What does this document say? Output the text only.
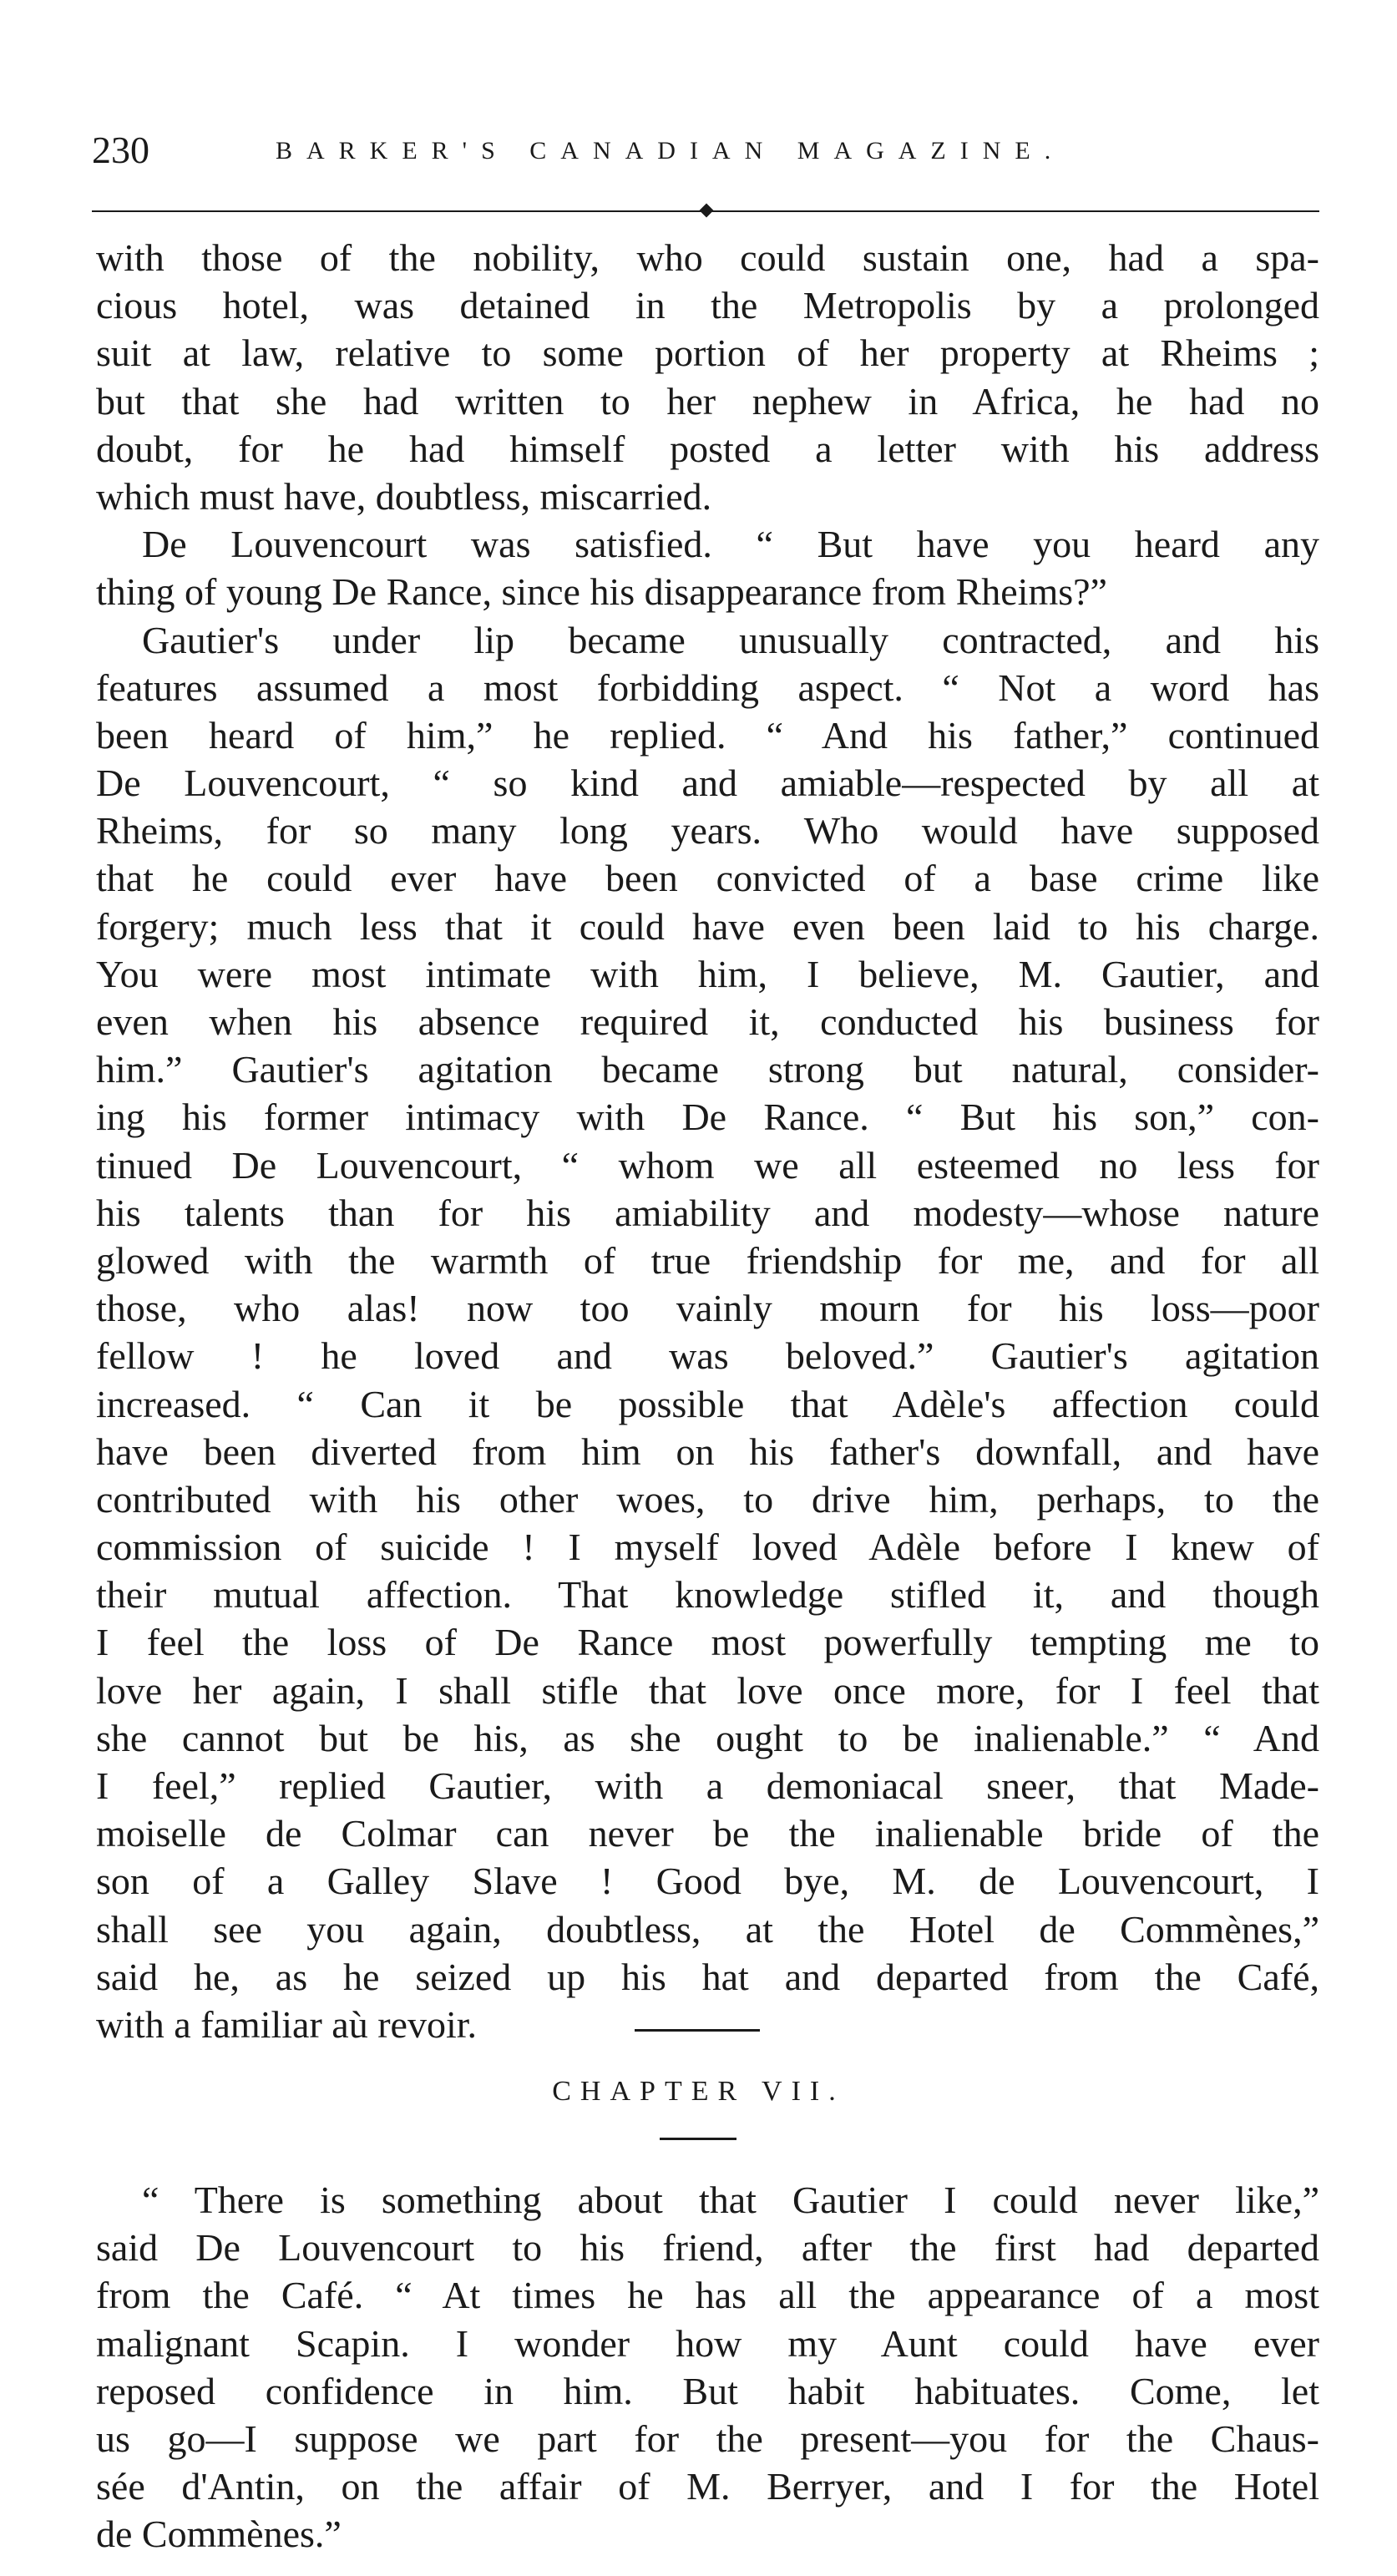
230	BARKER'S CANADIAN MAGAZINE.
with those of the nobility, who could sustain one, had a spa-
cious hotel, was detained in the Metropolis by a prolonged
suit at law, relative to some portion of her property at Rheims ;
but that she had written to her nephew in Africa, he had no
doubt, for he had himself posted a letter with his address
which must have, doubtless, miscarried.
De Louvencourt was satisfied. “ But have you heard any
thing of young De Rance, since his disappearance from Rheims?”
Gautier's under lip became unusually contracted, and his
features assumed a most forbidding aspect. “ Not a word has
been heard of him,” he replied. “ And his father,” continued
De Louvencourt, “ so kind and amiable—respected by all at
Rheims, for so many long years. Who would have supposed
that he could ever have been convicted of a base crime like
forgery; much less that it could have even been laid to his charge.
You were most intimate with him, I believe, M. Gautier, and
even when his absence required it, conducted his business for
him.” Gautier's agitation became strong but natural, consider-
ing his former intimacy with De Rance. “ But his son,” con-
tinued De Louvencourt, “ whom we all esteemed no less for
his talents than for his amiability and modesty—whose nature
glowed with the warmth of true friendship for me, and for all
those, who alas! now too vainly mourn for his loss—poor
fellow ! he loved and was beloved.” Gautier's agitation
increased. “ Can it be possible that Adèle's affection could
have been diverted from him on his father's downfall, and have
contributed with his other woes, to drive him, perhaps, to the
commission of suicide ! I myself loved Adèle before I knew of
their mutual affection. That knowledge stifled it, and though
I feel the loss of De Rance most powerfully tempting me to
love her again, I shall stifle that love once more, for I feel that
she cannot but be his, as she ought to be inalienable.” “ And
I feel,” replied Gautier, with a demoniacal sneer, that Made-
moiselle de Colmar can never be the inalienable bride of the
son of a Galley Slave ! Good bye, M. de Louvencourt, I
shall see you again, doubtless, at the Hotel de Commènes,”
said he, as he seized up his hat and departed from the Café,
with a familiar aù revoir.
CHAPTER VII.
“ There is something about that Gautier I could never like,”
said De Louvencourt to his friend, after the first had departed
from the Café. “ At times he has all the appearance of a most
malignant Scapin. I wonder how my Aunt could have ever
reposed confidence in him. But habit habituates. Come, let
us go—I suppose we part for the present—you for the Chaus-
sée d'Antin, on the affair of M. Berryer, and I for the Hotel
de Commènes.”
